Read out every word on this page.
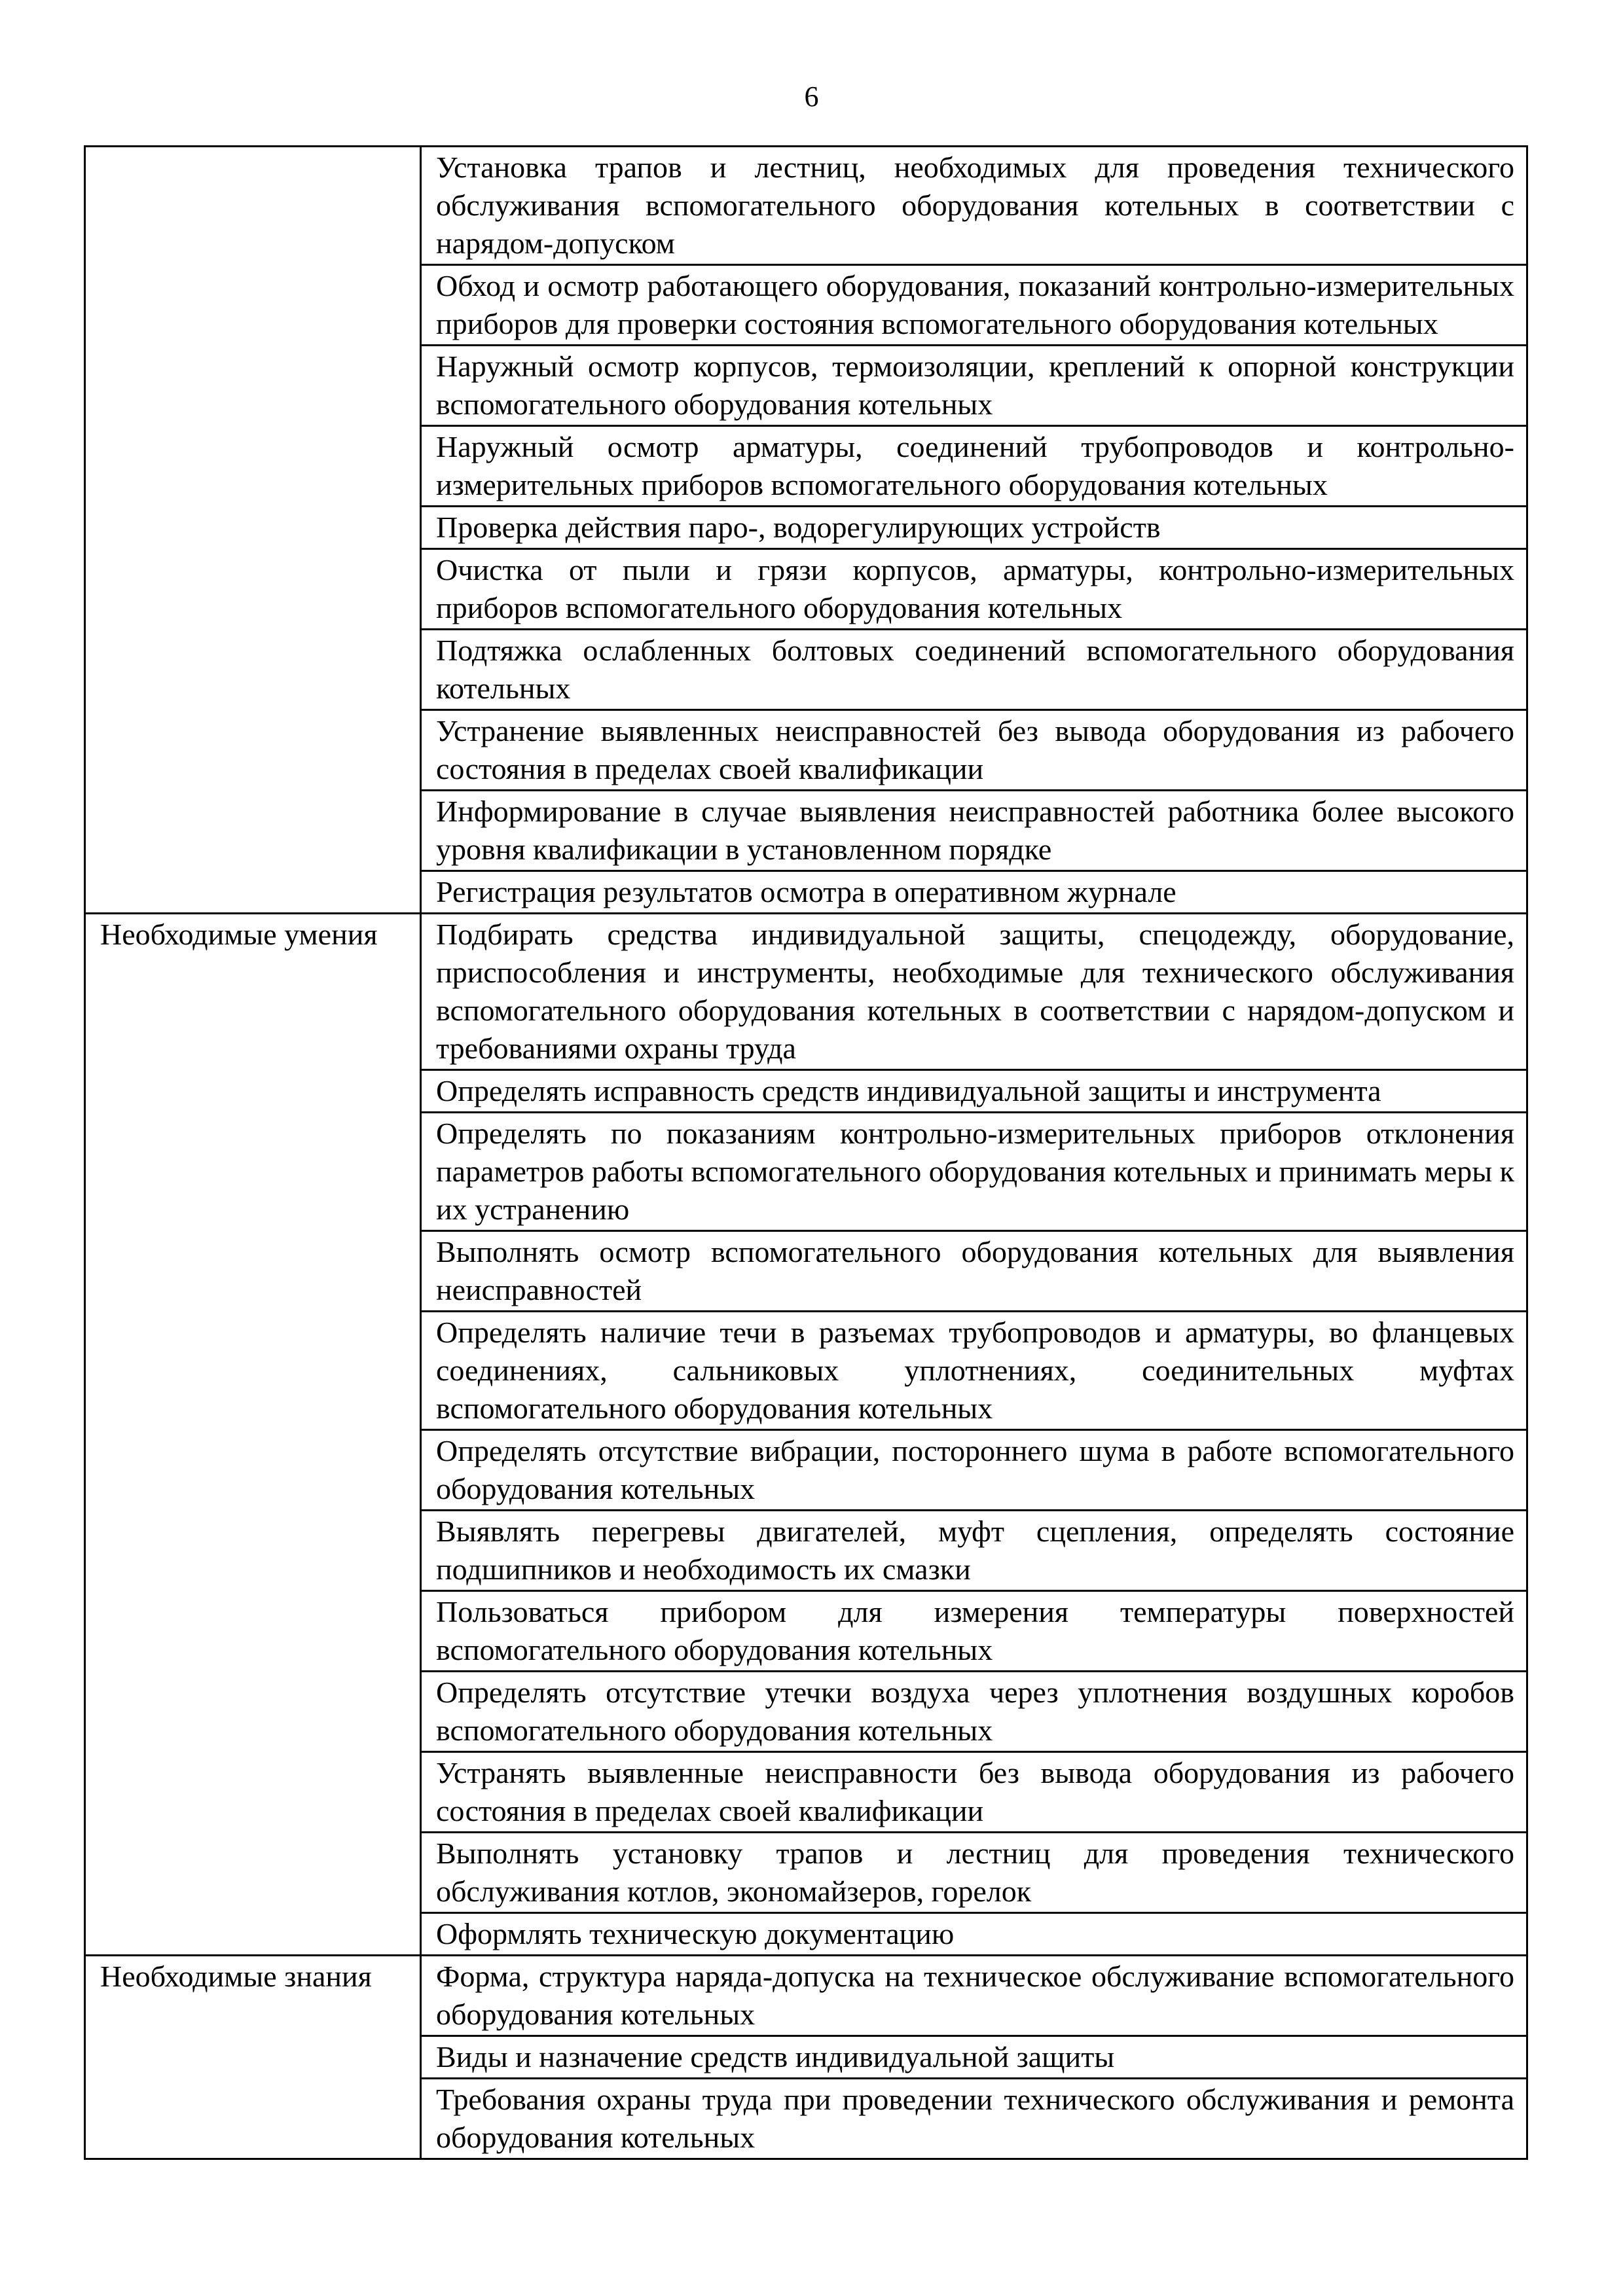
6
	Установка трапов и лестниц, необходимых для проведения технического обслуживания вспомогательного оборудования котельных в соответствии с нарядом-допуском
	Обход и осмотр работающего оборудования, показаний контрольно-измерительных приборов для проверки состояния вспомогательного оборудования котельных
	Наружный осмотр корпусов, термоизоляции, креплений к опорной конструкции вспомогательного оборудования котельных
	Наружный осмотр арматуры, соединений трубопроводов и контрольно-измерительных приборов вспомогательного оборудования котельных
	Проверка действия паро-, водорегулирующих устройств
	Очистка от пыли и грязи корпусов, арматуры, контрольно-измерительных приборов вспомогательного оборудования котельных
	Подтяжка ослабленных болтовых соединений вспомогательного оборудования котельных
	Устранение выявленных неисправностей без вывода оборудования из рабочего состояния в пределах своей квалификации
	Информирование в случае выявления неисправностей работника более высокого уровня квалификации в установленном порядке
	Регистрация результатов осмотра в оперативном журнале
Необходимые умения	Подбирать средства индивидуальной защиты, спецодежду, оборудование, приспособления и инструменты, необходимые для технического обслуживания вспомогательного оборудования котельных в соответствии с нарядом-допуском и требованиями охраны труда
	Определять исправность средств индивидуальной защиты и инструмента
	Определять по показаниям контрольно-измерительных приборов отклонения параметров работы вспомогательного оборудования котельных и принимать меры к их устранению
	Выполнять осмотр вспомогательного оборудования котельных для выявления неисправностей
	Определять наличие течи в разъемах трубопроводов и арматуры, во фланцевых соединениях, сальниковых уплотнениях, соединительных муфтах вспомогательного оборудования котельных
	Определять отсутствие вибрации, постороннего шума в работе вспомогательного оборудования котельных
	Выявлять перегревы двигателей, муфт сцепления, определять состояние подшипников и необходимость их смазки
	Пользоваться прибором для измерения температуры поверхностей вспомогательного оборудования котельных
	Определять отсутствие утечки воздуха через уплотнения воздушных коробов вспомогательного оборудования котельных
	Устранять выявленные неисправности без вывода оборудования из рабочего состояния в пределах своей квалификации
	Выполнять установку трапов и лестниц для проведения технического обслуживания котлов, экономайзеров, горелок
	Оформлять техническую документацию
Необходимые знания	Форма, структура наряда-допуска на техническое обслуживание вспомогательного оборудования котельных
	Виды и назначение средств индивидуальной защиты
	Требования охраны труда при проведении технического обслуживания и ремонта оборудования котельных
